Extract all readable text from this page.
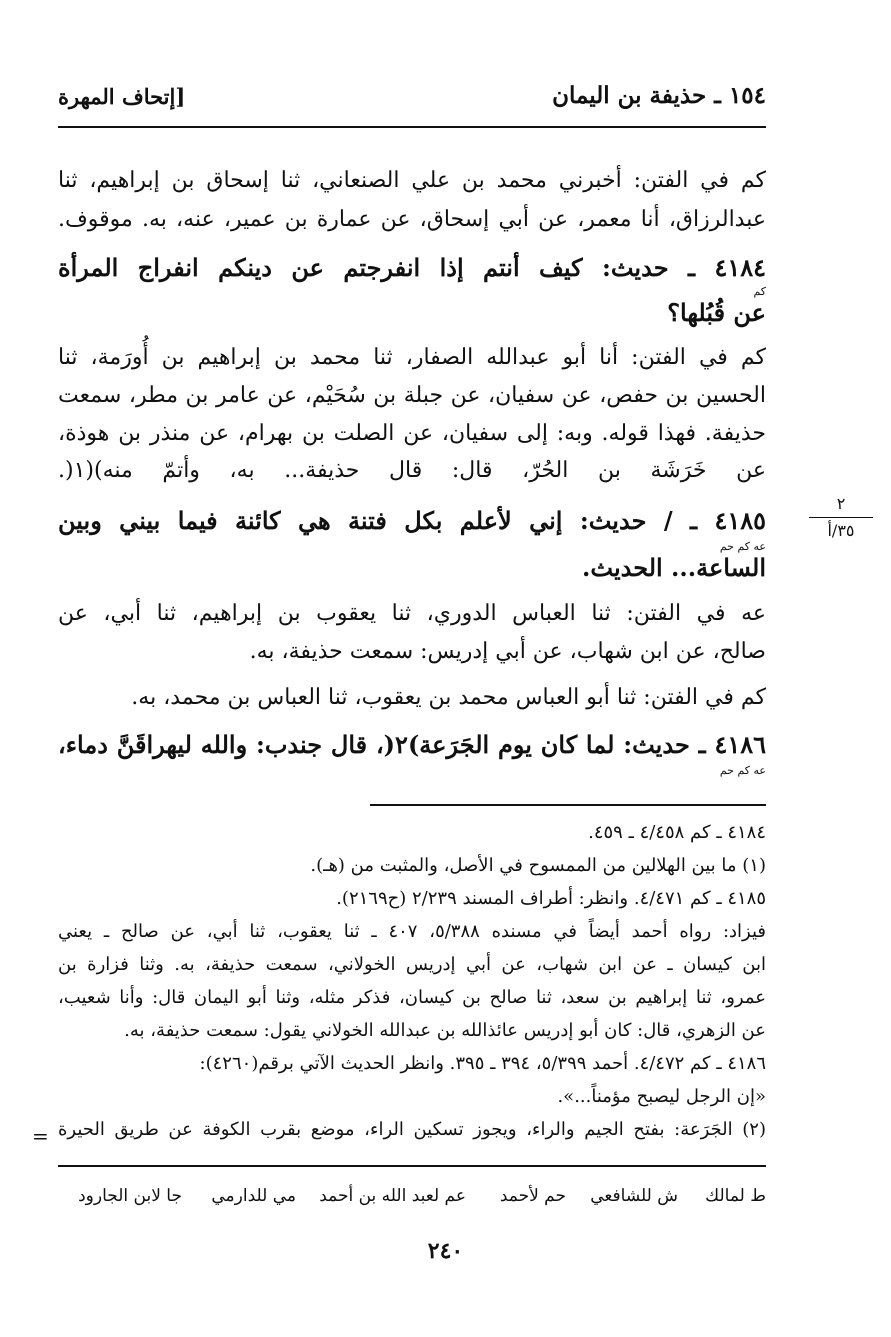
١٥٤ ـ حذيفة بن اليمان
[إتحاف المهرة
كم في الفتن: أخبرني محمد بن علي الصنعاني، ثنا إسحاق بن إبراهيم، ثنا
عبدالرزاق، أنا معمر، عن أبي إسحاق، عن عمارة بن عمير، عنه، به. موقوف.
٤١٨٤ ـ حديث: كيف أنتم إذا انفرجتم عن دينكم انفراج المرأة
كم
عن قُبُلها؟
كم في الفتن: أنا أبو عبدالله الصفار، ثنا محمد بن إبراهيم بن أُورَمة، ثنا
الحسين بن حفص، عن سفيان، عن جبلة بن سُحَيْم، عن عامر بن مطر، سمعت
حذيفة. فهذا قوله. وبه: إلى سفيان، عن الصلت بن بهرام، عن منذر بن هوذة،
عن خَرَشَة بن الحُرّ، قال: قال حذيفة... به، وأتمّ منه)(١(.
٤١٨٥ ـ / حديث: إني لأعلم بكل فتنة هي كائنة فيما بيني وبين
عه كم حم
الساعة... الحديث.
عه في الفتن: ثنا العباس الدوري، ثنا يعقوب بن إبراهيم، ثنا أبي، عن
صالح، عن ابن شهاب، عن أبي إدريس: سمعت حذيفة، به.
كم في الفتن: ثنا أبو العباس محمد بن يعقوب، ثنا العباس بن محمد، به.
٤١٨٦ ـ حديث: لما كان يوم الجَرَعة)٢(، قال جندب: والله ليهراقَنَّ دماء،
عه كم حم
٢
٣٥/أ
٤١٨٤ ـ كم ٤/٤٥٨ ـ ٤٥٩.
(١) ما بين الهلالين من الممسوح في الأصل، والمثبت من (هـ).
٤١٨٥ ـ كم ٤/٤٧١. وانظر: أطراف المسند ٢/٢٣٩ (ح٢١٦٩).
فيزاد: رواه أحمد أيضاً في مسنده ٥/٣٨٨، ٤٠٧ ـ ثنا يعقوب، ثنا أبي، عن صالح ـ يعني
ابن كيسان ـ عن ابن شهاب، عن أبي إدريس الخولاني، سمعت حذيفة، به. وثنا فزارة بن
عمرو، ثنا إبراهيم بن سعد، ثنا صالح بن كيسان، فذكر مثله، وثنا أبو اليمان قال: وأنا شعيب،
عن الزهري، قال: كان أبو إدريس عائذالله بن عبدالله الخولاني يقول: سمعت حذيفة، به.
٤١٨٦ ـ كم ٤/٤٧٢. أحمد ٥/٣٩٩، ٣٩٤ ـ ٣٩٥. وانظر الحديث الآتي برقم(٤٢٦٠):
«إن الرجل ليصبح مؤمناً...».
(٢) الجَرَعة: بفتح الجيم والراء، ويجوز تسكين الراء، موضع بقرب الكوفة عن طريق الحيرة
=
ط لمالك
ش للشافعي
حم لأحمد
عم لعبد الله بن أحمد
مي للدارمي
جا لابن الجارود
٢٤٠
